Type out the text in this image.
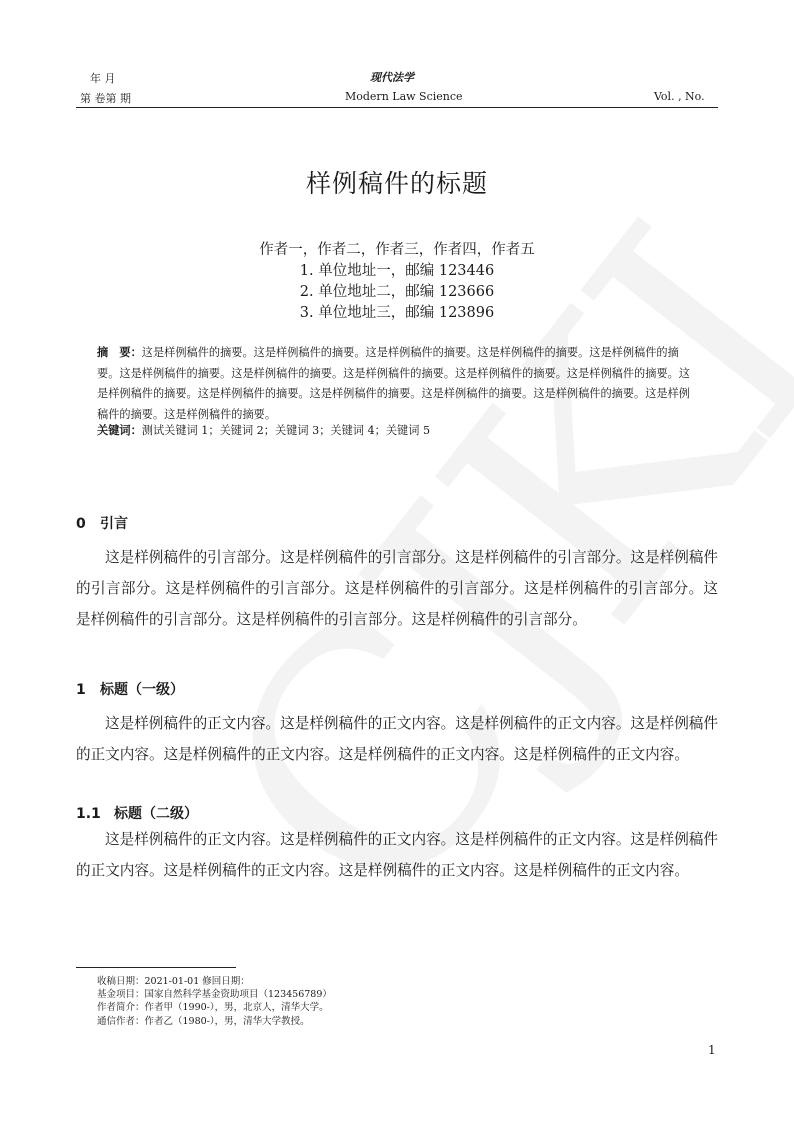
年 月	现代法学
第 卷第 期	Modern Law Science	Vol. , No.
样例稿件的标题
作者一，作者二，作者三，作者四，作者五
1. 单位地址一，邮编 123446
2. 单位地址二，邮编 123666
3. 单位地址三，邮编 123896
摘　要：这是样例稿件的摘要。这是样例稿件的摘要。这是样例稿件的摘要。这是样例稿件的摘要。这是样例稿件的摘要。这是样例稿件的摘要。这是样例稿件的摘要。这是样例稿件的摘要。这是样例稿件的摘要。这是样例稿件的摘要。这是样例稿件的摘要。这是样例稿件的摘要。这是样例稿件的摘要。这是样例稿件的摘要。这是样例稿件的摘要。这是样例稿件的摘要。这是样例稿件的摘要。
关键词：测试关键词 1；关键词 2；关键词 3；关键词 4；关键词 5
0 引言
这是样例稿件的引言部分。这是样例稿件的引言部分。这是样例稿件的引言部分。这是样例稿件的引言部分。这是样例稿件的引言部分。这是样例稿件的引言部分。这是样例稿件的引言部分。这是样例稿件的引言部分。这是样例稿件的引言部分。这是样例稿件的引言部分。
1 标题（一级）
这是样例稿件的正文内容。这是样例稿件的正文内容。这是样例稿件的正文内容。这是样例稿件的正文内容。这是样例稿件的正文内容。这是样例稿件的正文内容。这是样例稿件的正文内容。
1.1 标题（二级）
这是样例稿件的正文内容。这是样例稿件的正文内容。这是样例稿件的正文内容。这是样例稿件的正文内容。这是样例稿件的正文内容。这是样例稿件的正文内容。这是样例稿件的正文内容。
收稿日期：2021-01-01 修回日期：
基金项目：国家自然科学基金资助项目（123456789）
作者简介：作者甲（1990-），男，北京人，清华大学。
通信作者：作者乙（1980-），男，清华大学教授。
1
